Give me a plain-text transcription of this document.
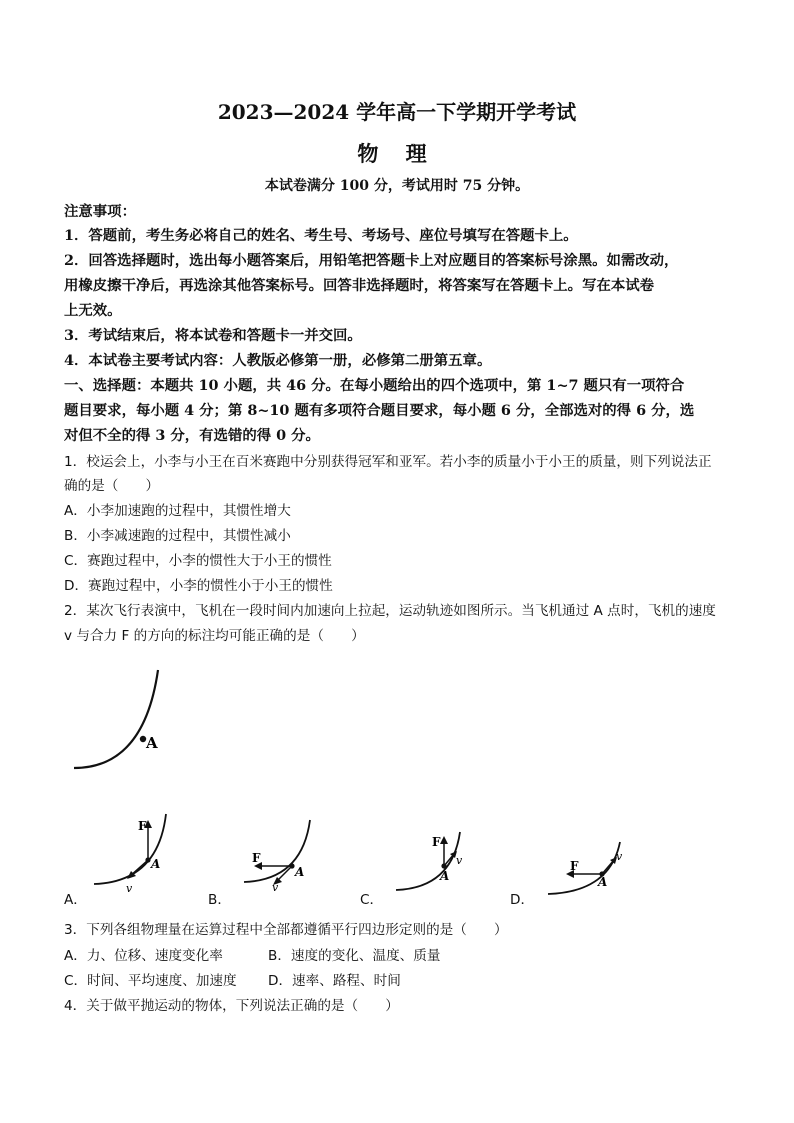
2023—2024 学年高一下学期开学考试
物 理
本试卷满分 100 分，考试用时 75 分钟。
注意事项：
1．答题前，考生务必将自己的姓名、考生号、考场号、座位号填写在答题卡上。
2．回答选择题时，选出每小题答案后，用铅笔把答题卡上对应题目的答案标号涂黑。如需改动，
用橡皮擦干净后，再选涂其他答案标号。回答非选择题时，将答案写在答题卡上。写在本试卷
上无效。
3．考试结束后，将本试卷和答题卡一并交回。
4．本试卷主要考试内容：人教版必修第一册，必修第二册第五章。
一、选择题：本题共 10 小题，共 46 分。在每小题给出的四个选项中，第 1~7 题只有一项符合
题目要求，每小题 4 分；第 8~10 题有多项符合题目要求，每小题 6 分，全部选对的得 6 分，选
对但不全的得 3 分，有选错的得 0 分。
1．校运会上，小李与小王在百米赛跑中分别获得冠军和亚军。若小李的质量小于小王的质量，则下列说法正
确的是（　　）
A．小李加速跑的过程中，其惯性增大
B．小李减速跑的过程中，其惯性减小
C．赛跑过程中，小李的惯性大于小王的惯性
D．赛跑过程中，小李的惯性小于小王的惯性
2．某次飞行表演中，飞机在一段时间内加速向上拉起，运动轨迹如图所示。当飞机通过 A 点时，飞机的速度
v 与合力 F 的方向的标注均可能正确的是（　　）
A
A．
F
A
v
B．
F
A
v
C．
F
A
v
D．
F
A
v
3．下列各组物理量在运算过程中全部都遵循平行四边形定则的是（　　）
A．力、位移、速度变化率	B．速度的变化、温度、质量
C．时间、平均速度、加速度 D．速率、路程、时间
4．关于做平抛运动的物体，下列说法正确的是（　　）
